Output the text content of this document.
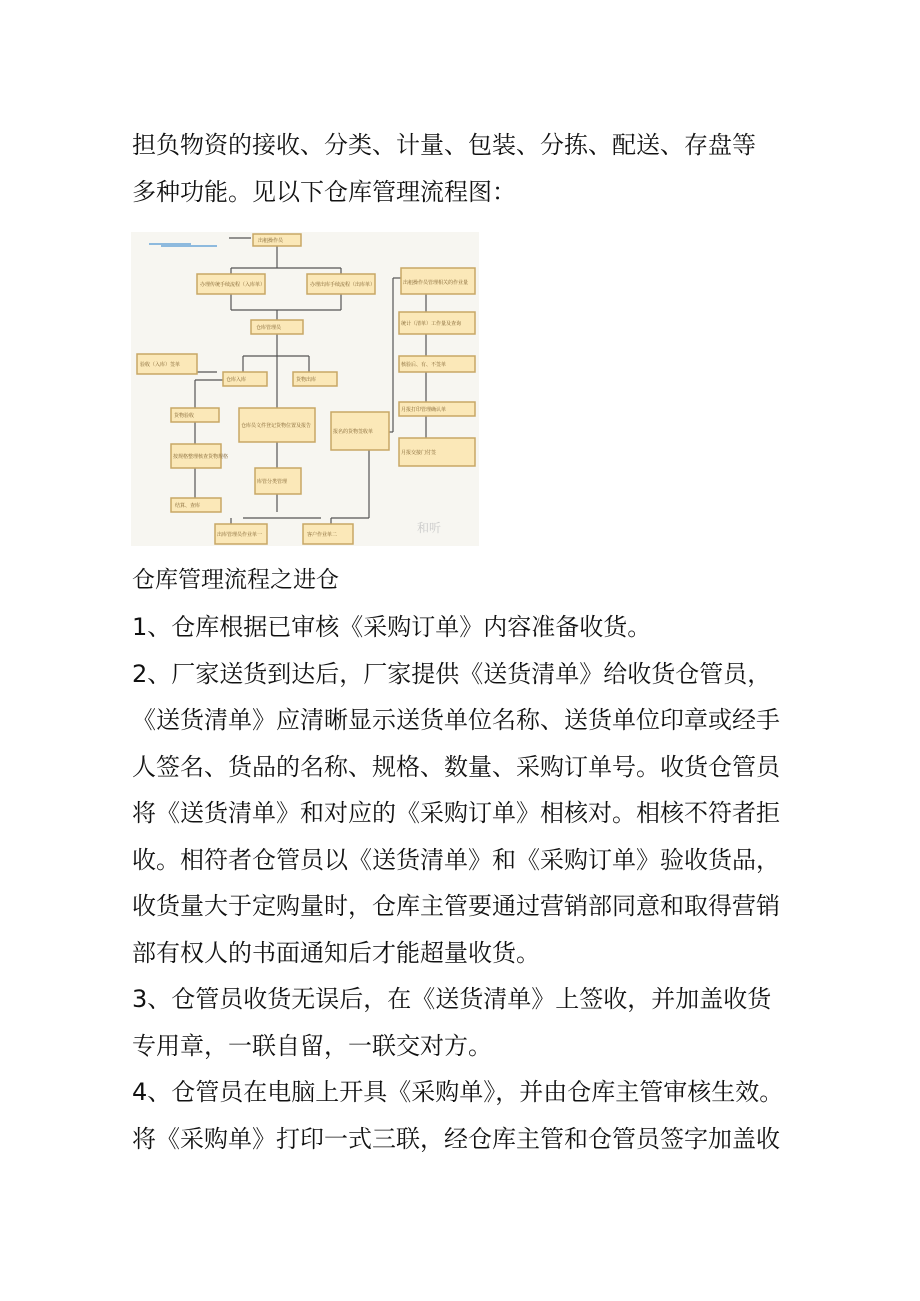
担负物资的接收、分类、计量、包装、分拣、配送、存盘等
多种功能。见以下仓库管理流程图：
出租操作员
办理传统手续流程（入库单）	办理出库手续流程（出库单）	出租操作员管理相关的作业量
仓库管理员
统计（清单）工作量及查询
验收（入库）签单
仓库入库	货物出库
核验后、有、不签单
货物验收
仓库员文件登记货物位置及报告
报名的货物签收单
月报打印管理确认单
按规格整理核查货物规格
库管分类管理
月报交接门付签
结算、查库
出库管理员作业单一	客户作业单二	和听
仓库管理流程之进仓
1、仓库根据已审核《采购订单》内容准备收货。
2、厂家送货到达后，厂家提供《送货清单》给收货仓管员，
《送货清单》应清晰显示送货单位名称、送货单位印章或经手
人签名、货品的名称、规格、数量、采购订单号。收货仓管员
将《送货清单》和对应的《采购订单》相核对。相核不符者拒
收。相符者仓管员以《送货清单》和《采购订单》验收货品，
收货量大于定购量时，仓库主管要通过营销部同意和取得营销
部有权人的书面通知后才能超量收货。
3、仓管员收货无误后，在《送货清单》上签收，并加盖收货
专用章，一联自留，一联交对方。
4、仓管员在电脑上开具《采购单》，并由仓库主管审核生效。
将《采购单》打印一式三联，经仓库主管和仓管员签字加盖收
